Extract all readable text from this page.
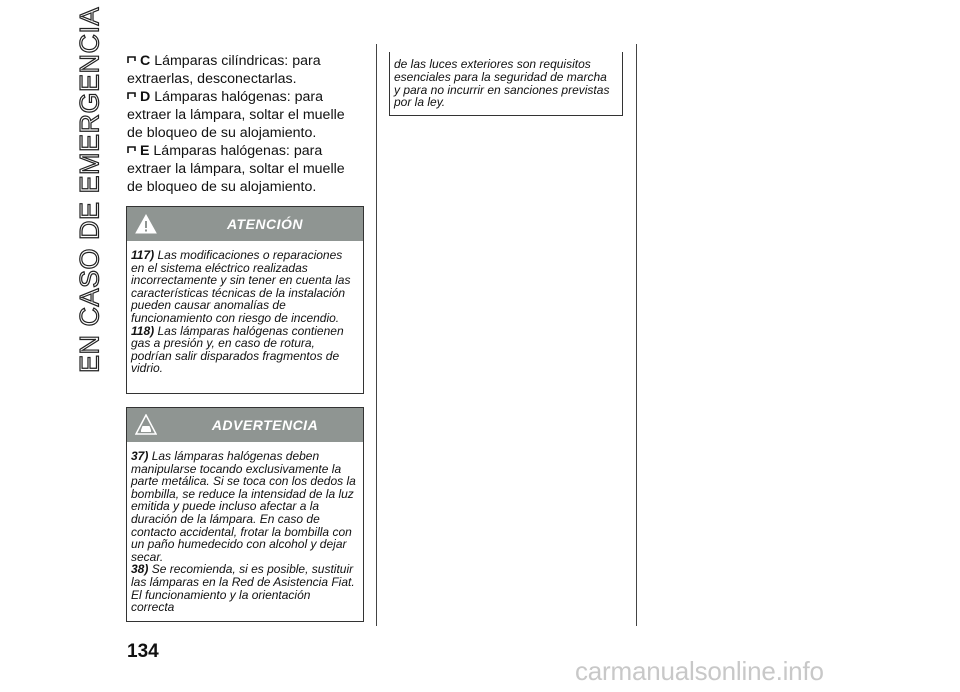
EN CASO DE EMERGENCIA	C Lámparas cilíndricas: para extraerlas, desconectarlas.

D Lámparas halógenas: para extraer la lámpara, soltar el muelle de bloqueo de su alojamiento.

E Lámparas halógenas: para extraer la lámpara, soltar el muelle de bloqueo de su alojamiento.

ATENCIÓN

117) Las modificaciones o reparaciones en el sistema eléctrico realizadas incorrectamente y sin tener en cuenta las características técnicas de la instalación pueden causar anomalías de funcionamiento con riesgo de incendio.

118) Las lámparas halógenas contienen gas a presión y, en caso de rotura, podrían salir disparados fragmentos de vidrio.

ADVERTENCIA

37) Las lámparas halógenas deben manipularse tocando exclusivamente la parte metálica. Si se toca con los dedos la bombilla, se reduce la intensidad de la luz emitida y puede incluso afectar a la duración de la lámpara. En caso de contacto accidental, frotar la bombilla con un paño humedecido con alcohol y dejar secar.

38) Se recomienda, si es posible, sustituir las lámparas en la Red de Asistencia Fiat. El funcionamiento y la orientación correcta

de las luces exteriores son requisitos esenciales para la seguridad de marcha y para no incurrir en sanciones previstas por la ley.
134
carmanualsonline.info
